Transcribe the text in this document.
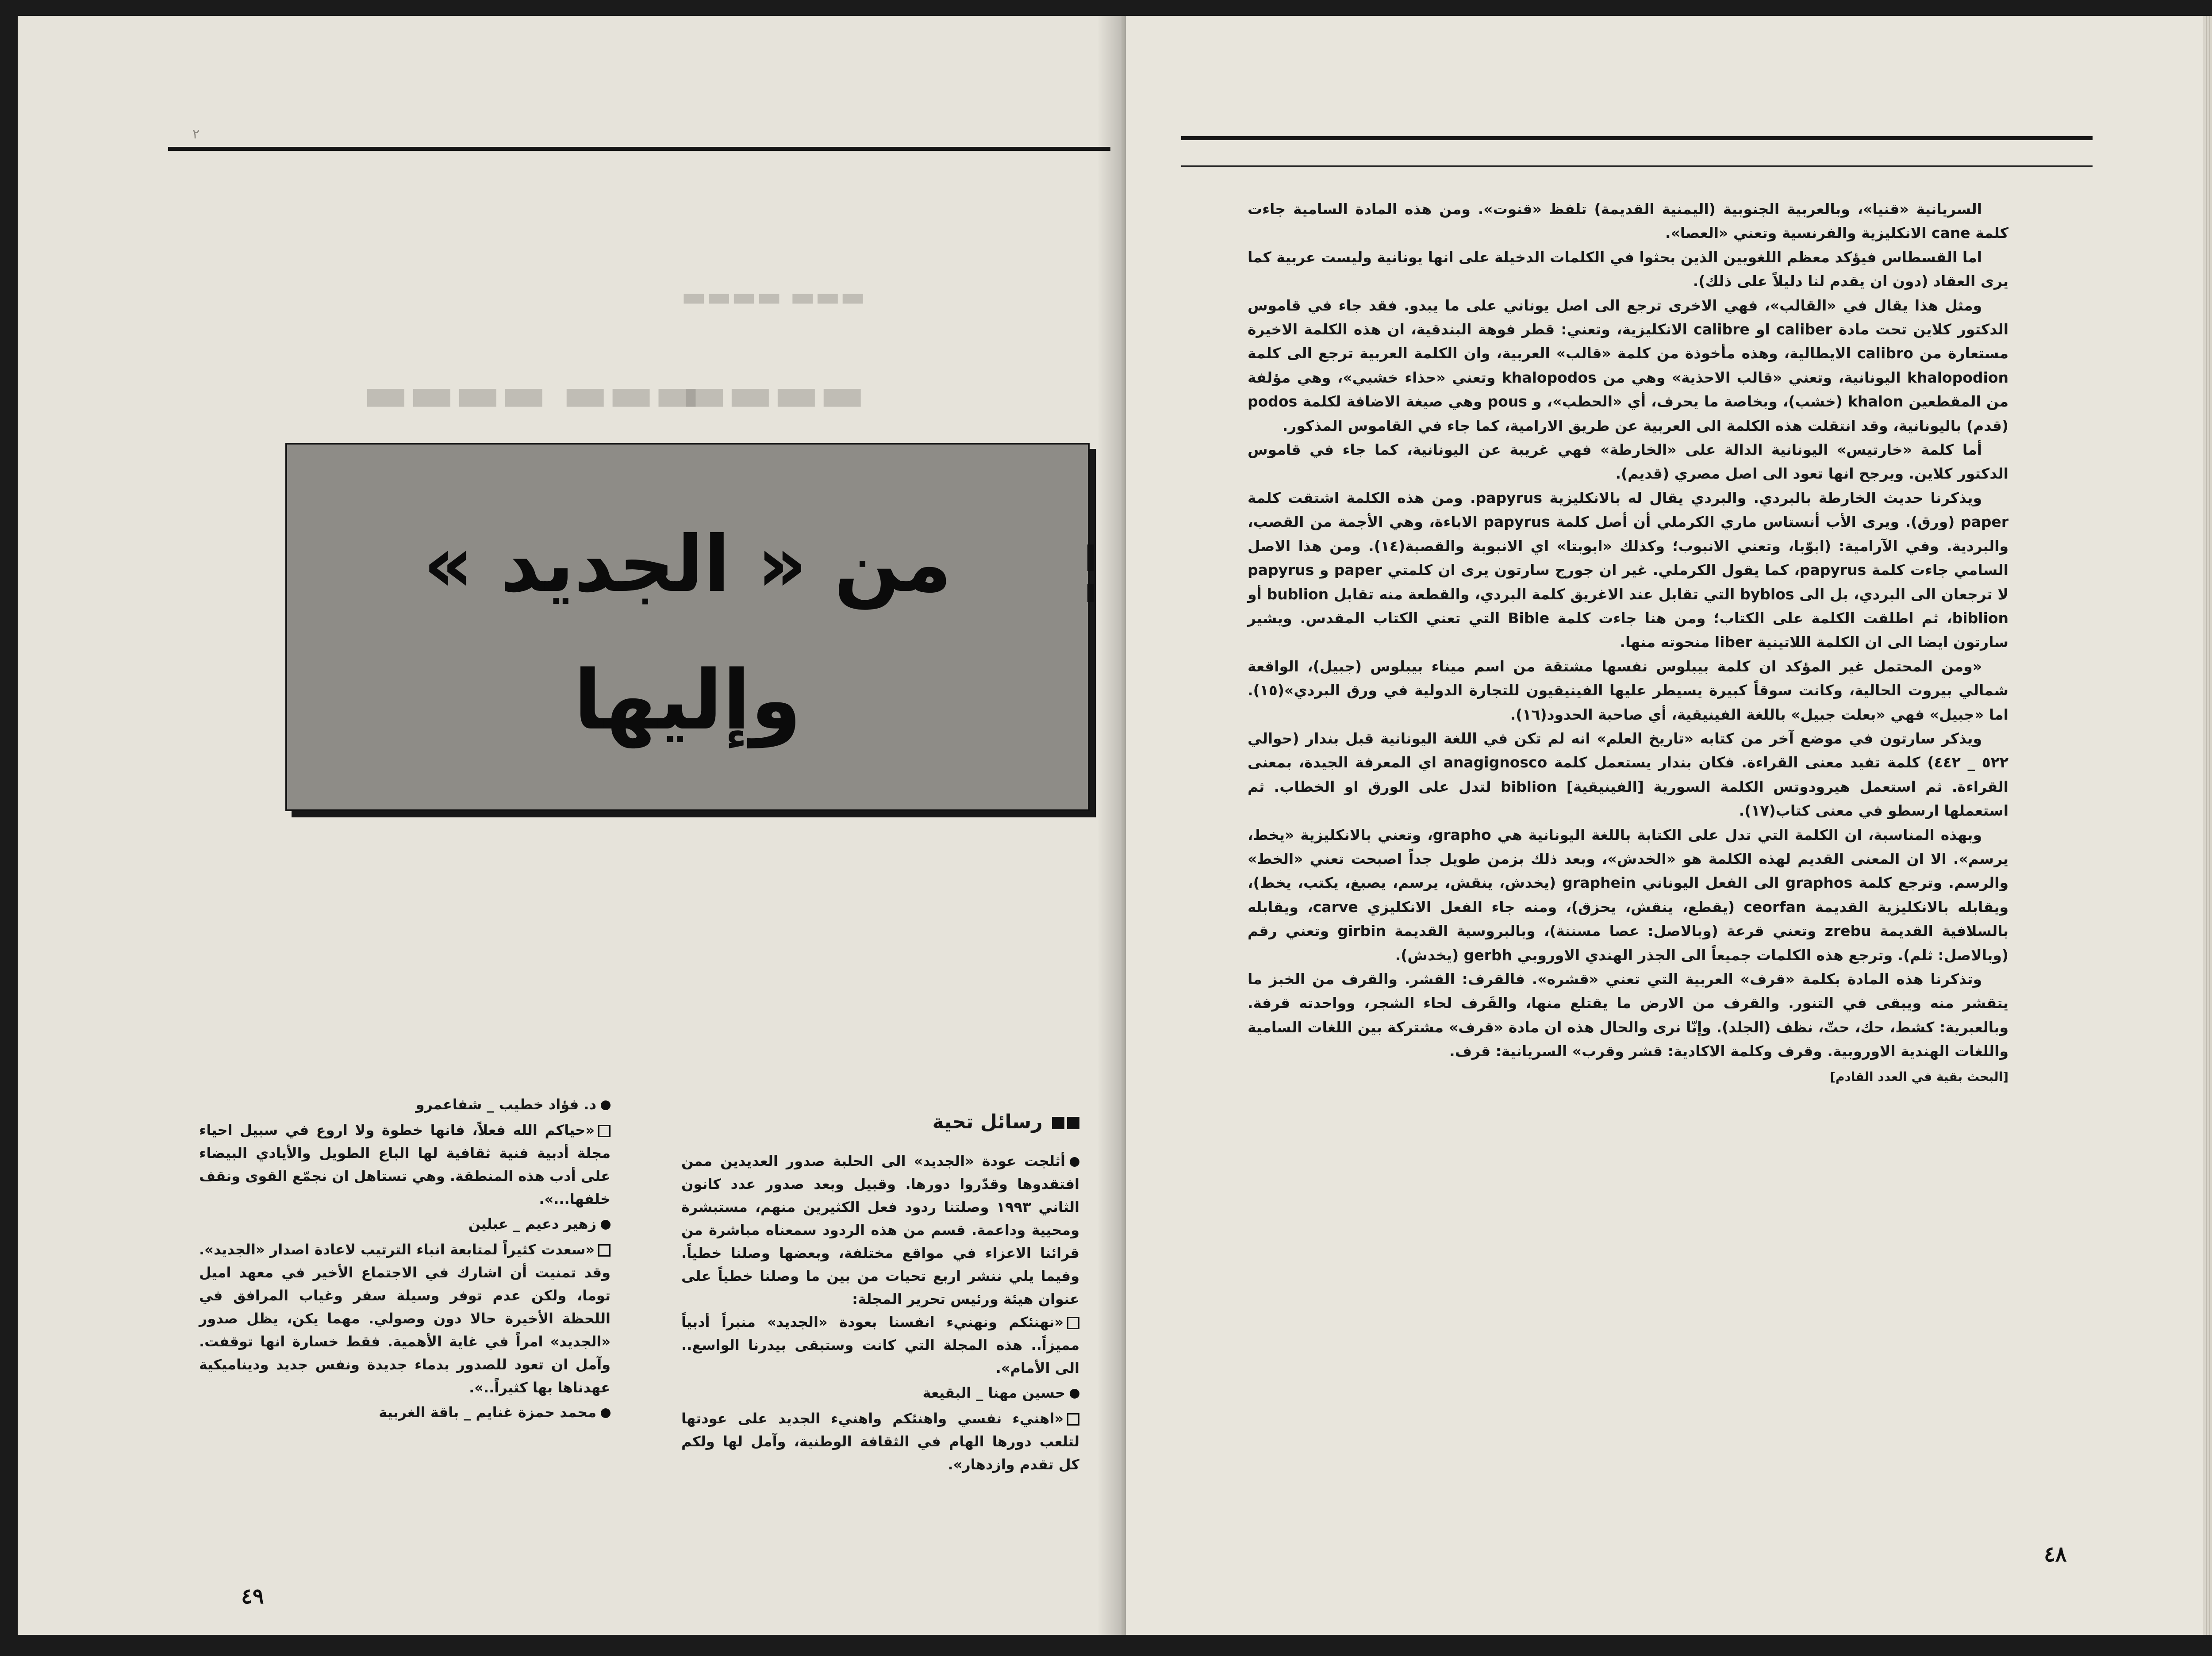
٢
▬▬▬ ▬▬▬▬
▬▬▬ ▬▬▬▬
▬▬▬▬
من « الجديد »
وإليها
رسائل تحية

أثلجت عودة «الجديد» الى الحلبة صدور العديدين ممن افتقدوها وقدّروا دورها. وقبيل وبعد صدور عدد كانون الثاني ١٩٩٣ وصلتنا ردود فعل الكثيرين منهم، مستبشرة ومحيية وداعمة. قسم من هذه الردود سمعناه مباشرة من قرائنا الاعزاء في مواقع مختلفة، وبعضها وصلنا خطياً. وفيما يلي ننشر اربع تحيات من بين ما وصلنا خطياً على عنوان هيئة ورئيس تحرير المجلة:

«نهنئكم ونهنيء انفسنا بعودة «الجديد» منبراً أدبياً مميزاً.. هذه المجلة التي كانت وستبقى بيدرنا الواسع.. الى الأمام».

حسين مهنا _ البقيعة

«اهنيء نفسي واهنئكم واهنيء الجديد على عودتها لتلعب دورها الهام في الثقافة الوطنية، وآمل لها ولكم كل تقدم وازدهار».

د. فؤاد خطيب _ شفاعمرو

«حياكم الله فعلاً، فانها خطوة ولا اروع في سبيل احياء مجلة أدبية فنية ثقافية لها الباع الطويل والأيادي البيضاء على أدب هذه المنطقة. وهي تستاهل ان نجمّع القوى ونقف خلفها...».

زهير دعيم _ عبلين

«سعدت كثيراً لمتابعة انباء الترتيب لاعادة اصدار «الجديد». وقد تمنيت أن اشارك في الاجتماع الأخير في معهد اميل توما، ولكن عدم توفر وسيلة سفر وغياب المرافق في اللحظة الأخيرة حالا دون وصولي. مهما يكن، يظل صدور «الجديد» امراً في غاية الأهمية. فقط خسارة انها توقفت. وآمل ان تعود للصدور بدماء جديدة ونفس جديد وديناميكية عهدناها بها كثيراً..».

محمد حمزة غنايم _ باقة الغربية

٤٩
٤٨

السريانية «قنيا»، وبالعربية الجنوبية (اليمنية القديمة) تلفظ «قنوت». ومن هذه المادة السامية جاءت كلمة cane الانكليزية والفرنسية وتعني «العصا».

اما القسطاس فيؤكد معظم اللغويين الذين بحثوا في الكلمات الدخيلة على انها يونانية وليست عربية كما يرى العقاد (دون ان يقدم لنا دليلاً على ذلك).

ومثل هذا يقال في «القالب»، فهي الاخرى ترجع الى اصل يوناني على ما يبدو. فقد جاء في قاموس الدكتور كلاين تحت مادة caliber او calibre الانكليزية، وتعني: قطر فوهة البندقية، ان هذه الكلمة الاخيرة مستعارة من calibro الايطالية، وهذه مأخوذة من كلمة «قالب» العربية، وان الكلمة العربية ترجع الى كلمة khalopodion اليونانية، وتعني «قالب الاحذية» وهي من khalopodos وتعني «حذاء خشبي»، وهي مؤلفة من المقطعين khalon (خشب)، وبخاصة ما يحرف، أي «الحطب»، و pous وهي صيغة الاضافة لكلمة podos (قدم) باليونانية، وقد انتقلت هذه الكلمة الى العربية عن طريق الارامية، كما جاء في القاموس المذكور.

أما كلمة «خارتيس» اليونانية الدالة على «الخارطة» فهي غريبة عن اليونانية، كما جاء في قاموس الدكتور كلاين. ويرجح انها تعود الى اصل مصري (قديم).

ويذكرنا حديث الخارطة بالبردي. والبردي يقال له بالانكليزية papyrus. ومن هذه الكلمة اشتقت كلمة paper (ورق). ويرى الأب أنستاس ماري الكرملي أن أصل كلمة papyrus الاباءة، وهي الأجمة من القصب، والبردية. وفي الآرامية: (ابوّبا، وتعني الانبوب؛ وكذلك «ابوبتا» اي الانبوبة والقصبة(١٤). ومن هذا الاصل السامي جاءت كلمة papyrus، كما يقول الكرملي. غير ان جورج سارتون يرى ان كلمتي paper و papyrus لا ترجعان الى البردي، بل الى byblos التي تقابل عند الاغريق كلمة البردي، والقطعة منه تقابل bublion أو biblion، ثم اطلقت الكلمة على الكتاب؛ ومن هنا جاءت كلمة Bible التي تعني الكتاب المقدس. ويشير سارتون ايضا الى ان الكلمة اللاتينية liber منحوته منها.

«ومن المحتمل غير المؤكد ان كلمة بيبلوس نفسها مشتقة من اسم ميناء بيبلوس (جبيل)، الواقعة شمالي بيروت الحالية، وكانت سوقاً كبيرة يسيطر عليها الفينيقيون للتجارة الدولية في ورق البردي»(١٥). اما «جبيل» فهي «بعلت جبيل» باللغة الفينيقية، أي صاحبة الحدود(١٦).

ويذكر سارتون في موضع آخر من كتابه «تاريخ العلم» انه لم تكن في اللغة اليونانية قبل بندار (حوالي ٥٢٢ _ ٤٤٢) كلمة تفيد معنى القراءة. فكان بندار يستعمل كلمة anagignosco اي المعرفة الجيدة، بمعنى القراءة. ثم استعمل هيرودوتس الكلمة السورية [الفينيقية] biblion لتدل على الورق او الخطاب. ثم استعملها ارسطو في معنى كتاب(١٧).

وبهذه المناسبة، ان الكلمة التي تدل على الكتابة باللغة اليونانية هي grapho، وتعني بالانكليزية «يخط، يرسم». الا ان المعنى القديم لهذه الكلمة هو «الخدش»، وبعد ذلك بزمن طويل جداً اصبحت تعني «الخط» والرسم. وترجع كلمة graphos الى الفعل اليوناني graphein (يخدش، ينقش، يرسم، يصبغ، يكتب، يخط)، ويقابله بالانكليزية القديمة ceorfan (يقطع، ينقش، يحزق)، ومنه جاء الفعل الانكليزي carve، ويقابله بالسلافية القديمة zrebu وتعني قرعة (وبالاصل: عصا مسننة)، وبالبروسية القديمة girbin وتعني رقم (وبالاصل: ثلم). وترجع هذه الكلمات جميعاً الى الجذر الهندي الاوروبي gerbh (يخدش).

وتذكرنا هذه المادة بكلمة «قرف» العربية التي تعني «قشره». فالقرف: القشر. والقرف من الخبز ما يتقشر منه ويبقى في التنور. والقرف من الارض ما يقتلع منها، والقَرف لحاء الشجر، وواحدته قرفة. وبالعبرية: كشط، حك، حتّ، نظف (الجلد). وإنّا نرى والحال هذه ان مادة «قرف» مشتركة بين اللغات السامية واللغات الهندية الاوروبية. وقرف وكلمة الاكادية: قشر وقرب» السريانية: قرف.

[البحث بقية في العدد القادم]
